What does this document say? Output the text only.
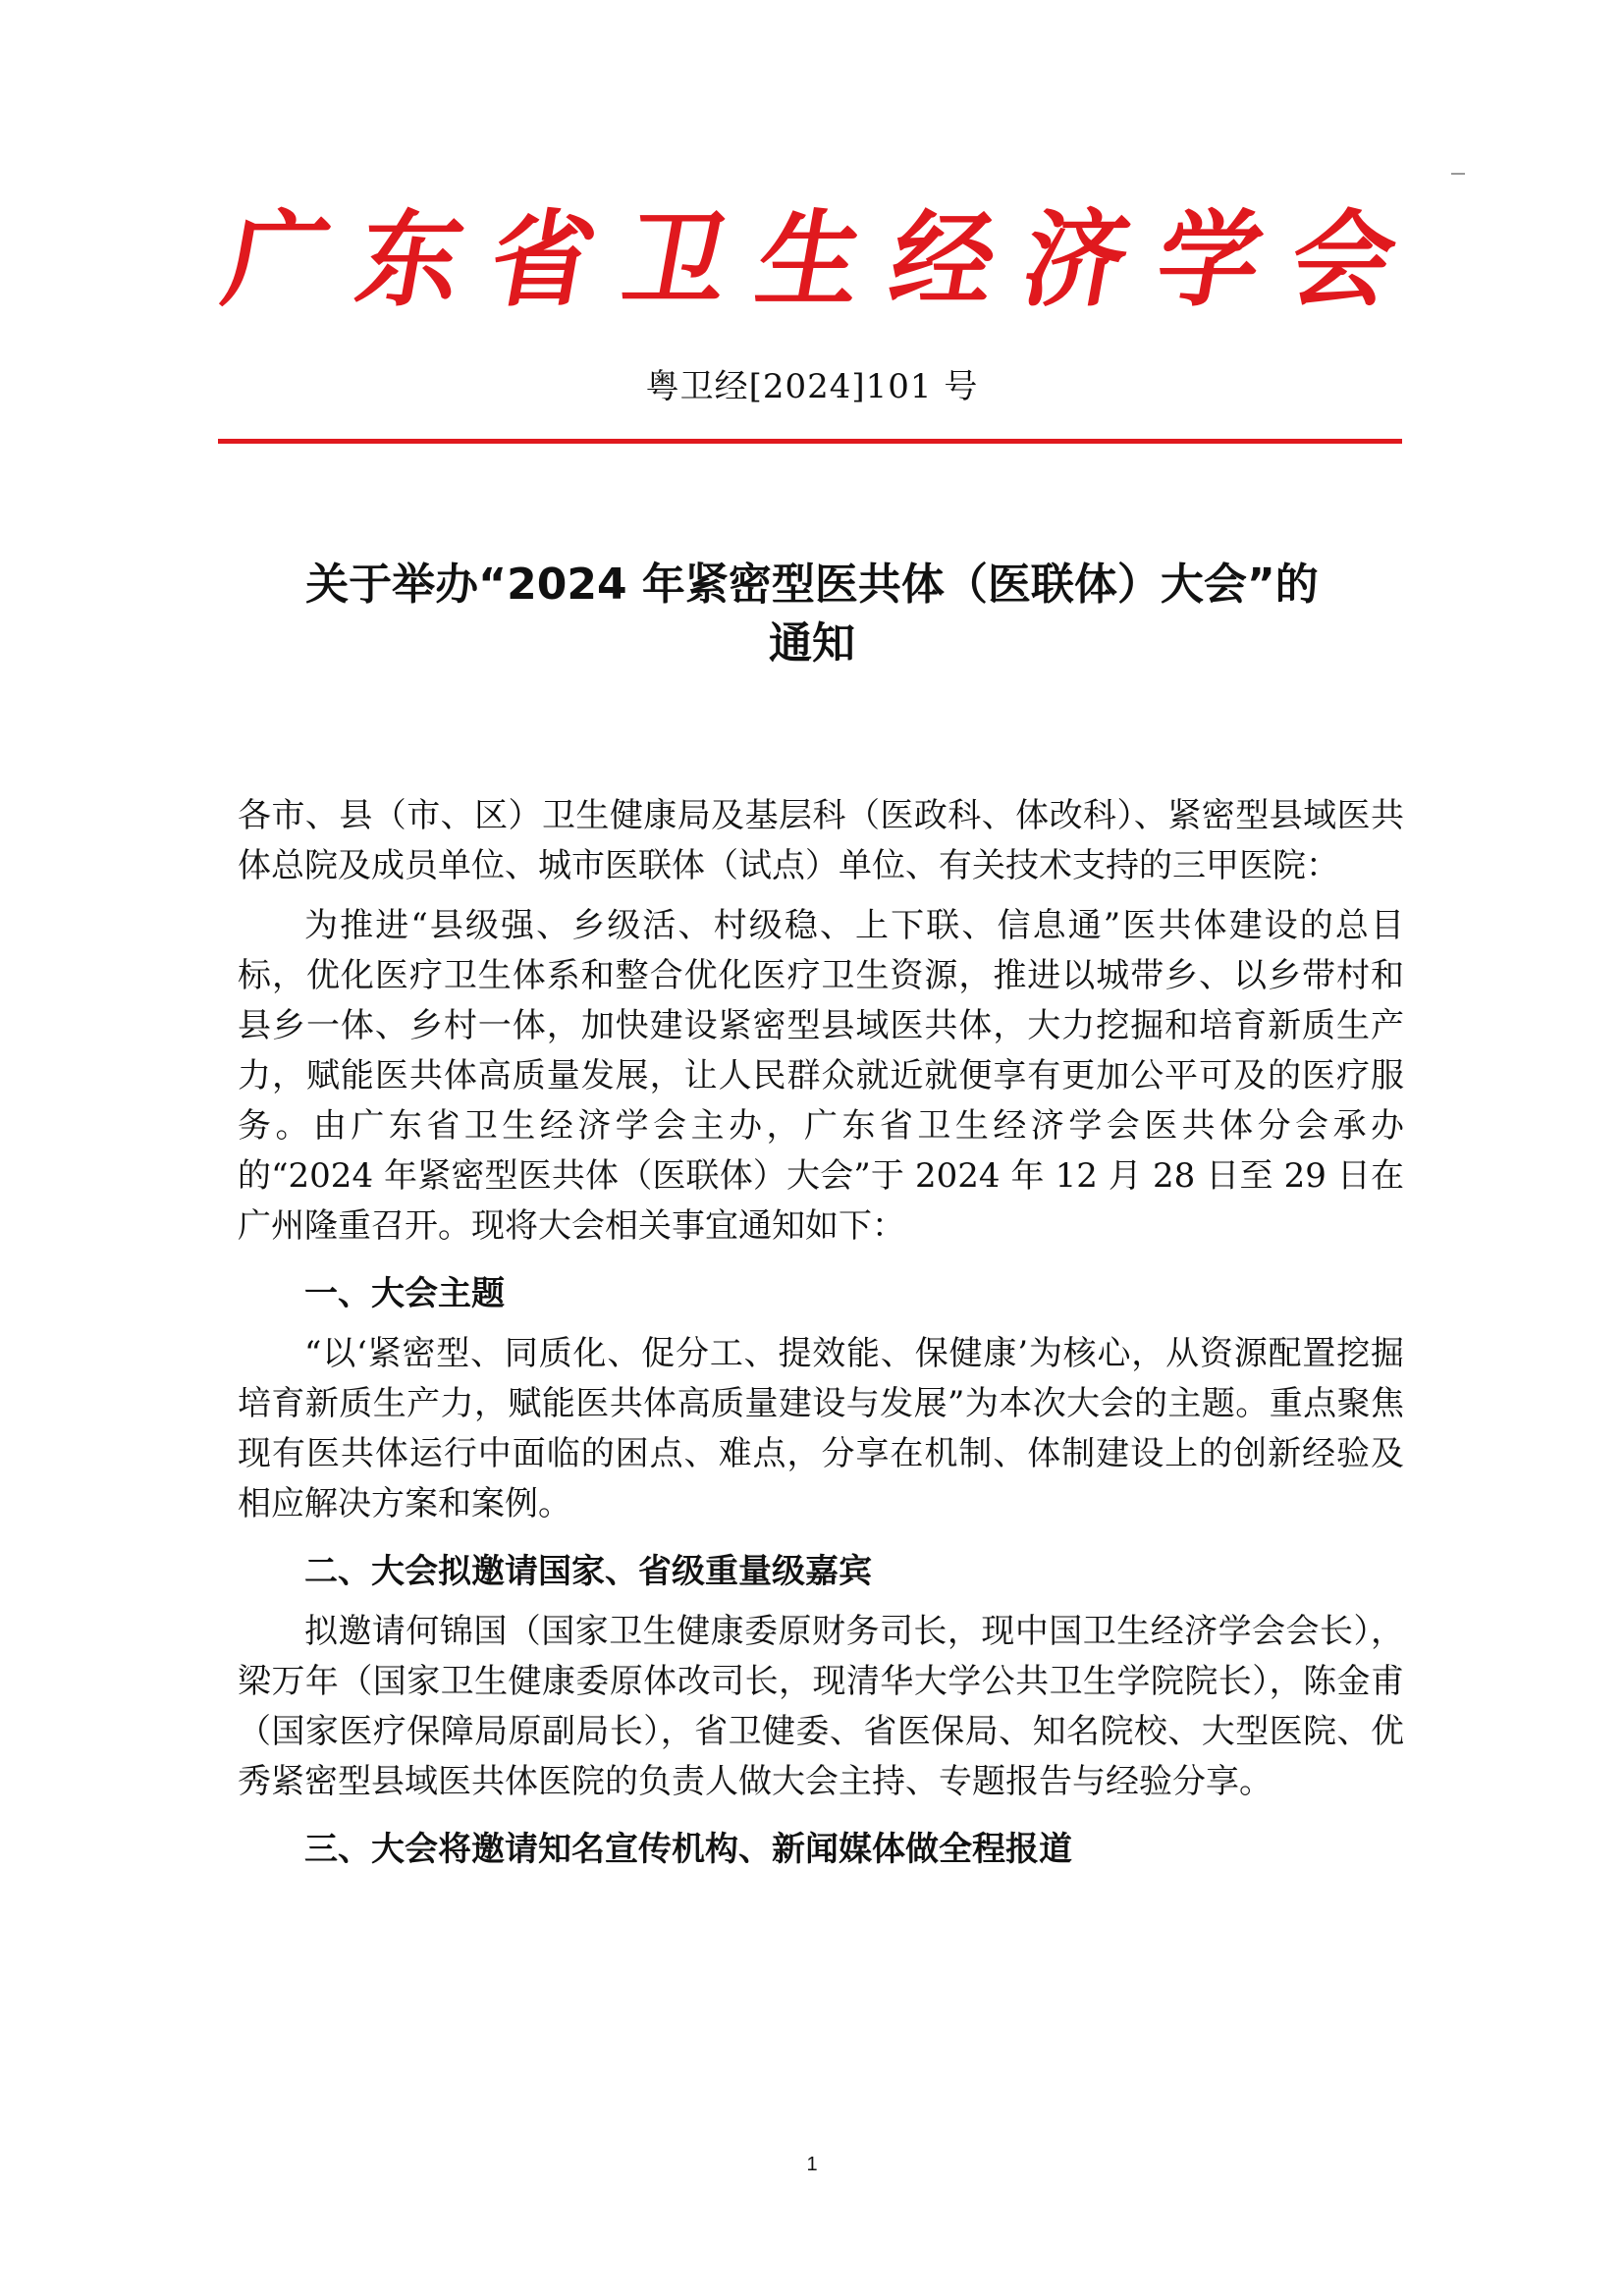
广 东 省 卫 生 经 济 学 会
粤卫经[2024]101 号
关于举办“2024 年紧密型医共体（医联体）大会”的
通知

各市、县（市、区）卫生健康局及基层科（医政科、体改科）、紧密型县域医共体总院及成员单位、城市医联体（试点）单位、有关技术支持的三甲医院：

为推进“县级强、乡级活、村级稳、上下联、信息通”医共体建设的总目标，优化医疗卫生体系和整合优化医疗卫生资源，推进以城带乡、以乡带村和县乡一体、乡村一体，加快建设紧密型县域医共体，大力挖掘和培育新质生产力，赋能医共体高质量发展，让人民群众就近就便享有更加公平可及的医疗服务。由广东省卫生经济学会主办，广东省卫生经济学会医共体分会承办的“2024 年紧密型医共体（医联体）大会”于 2024 年 12 月 28 日至 29 日在广州隆重召开。现将大会相关事宜通知如下：

一、大会主题

“以‘紧密型、同质化、促分工、提效能、保健康’为核心，从资源配置挖掘培育新质生产力，赋能医共体高质量建设与发展”为本次大会的主题。重点聚焦现有医共体运行中面临的困点、难点，分享在机制、体制建设上的创新经验及相应解决方案和案例。

二、大会拟邀请国家、省级重量级嘉宾

拟邀请何锦国（国家卫生健康委原财务司长，现中国卫生经济学会会长），梁万年（国家卫生健康委原体改司长，现清华大学公共卫生学院院长），陈金甫（国家医疗保障局原副局长），省卫健委、省医保局、知名院校、大型医院、优秀紧密型县域医共体医院的负责人做大会主持、专题报告与经验分享。

三、大会将邀请知名宣传机构、新闻媒体做全程报道

1
